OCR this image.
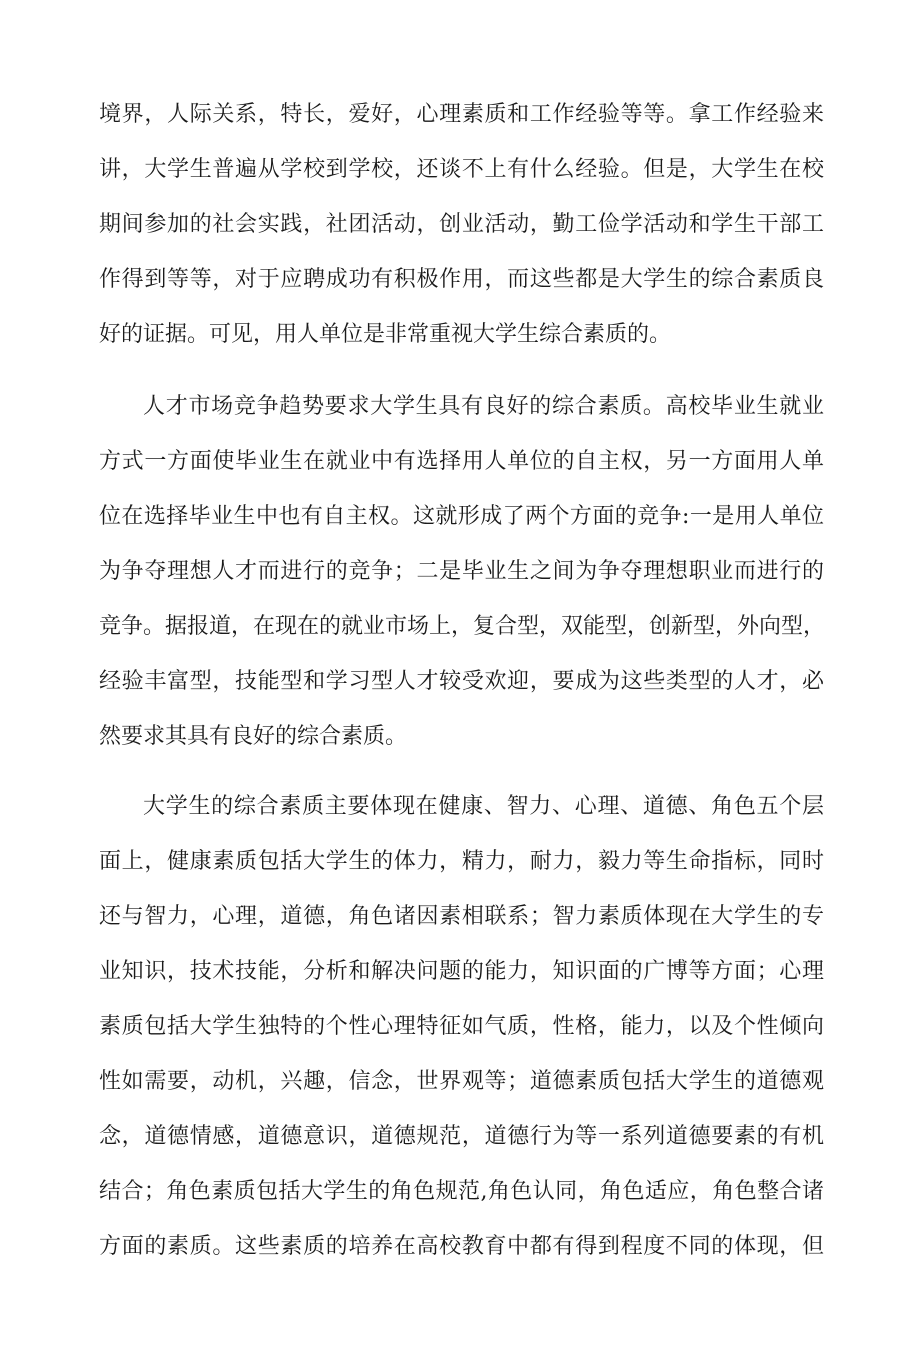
境界，人际关系，特长，爱好，心理素质和工作经验等等。拿工作经验来

讲，大学生普遍从学校到学校，还谈不上有什么经验。但是，大学生在校

期间参加的社会实践，社团活动，创业活动，勤工俭学活动和学生干部工

作得到等等，对于应聘成功有积极作用，而这些都是大学生的综合素质良

好的证据。可见，用人单位是非常重视大学生综合素质的。

人才市场竞争趋势要求大学生具有良好的综合素质。高校毕业生就业

方式一方面使毕业生在就业中有选择用人单位的自主权，另一方面用人单

位在选择毕业生中也有自主权。这就形成了两个方面的竞争:一是用人单位

为争夺理想人才而进行的竞争；二是毕业生之间为争夺理想职业而进行的

竞争。据报道，在现在的就业市场上，复合型，双能型，创新型，外向型，

经验丰富型，技能型和学习型人才较受欢迎，要成为这些类型的人才，必

然要求其具有良好的综合素质。

大学生的综合素质主要体现在健康、智力、心理、道德、角色五个层

面上，健康素质包括大学生的体力，精力，耐力，毅力等生命指标，同时

还与智力，心理，道德，角色诸因素相联系；智力素质体现在大学生的专

业知识，技术技能，分析和解决问题的能力，知识面的广博等方面；心理

素质包括大学生独特的个性心理特征如气质，性格，能力，以及个性倾向

性如需要，动机，兴趣，信念，世界观等；道德素质包括大学生的道德观

念，道德情感，道德意识，道德规范，道德行为等一系列道德要素的有机

结合；角色素质包括大学生的角色规范,角色认同，角色适应，角色整合诸

方面的素质。这些素质的培养在高校教育中都有得到程度不同的体现，但
